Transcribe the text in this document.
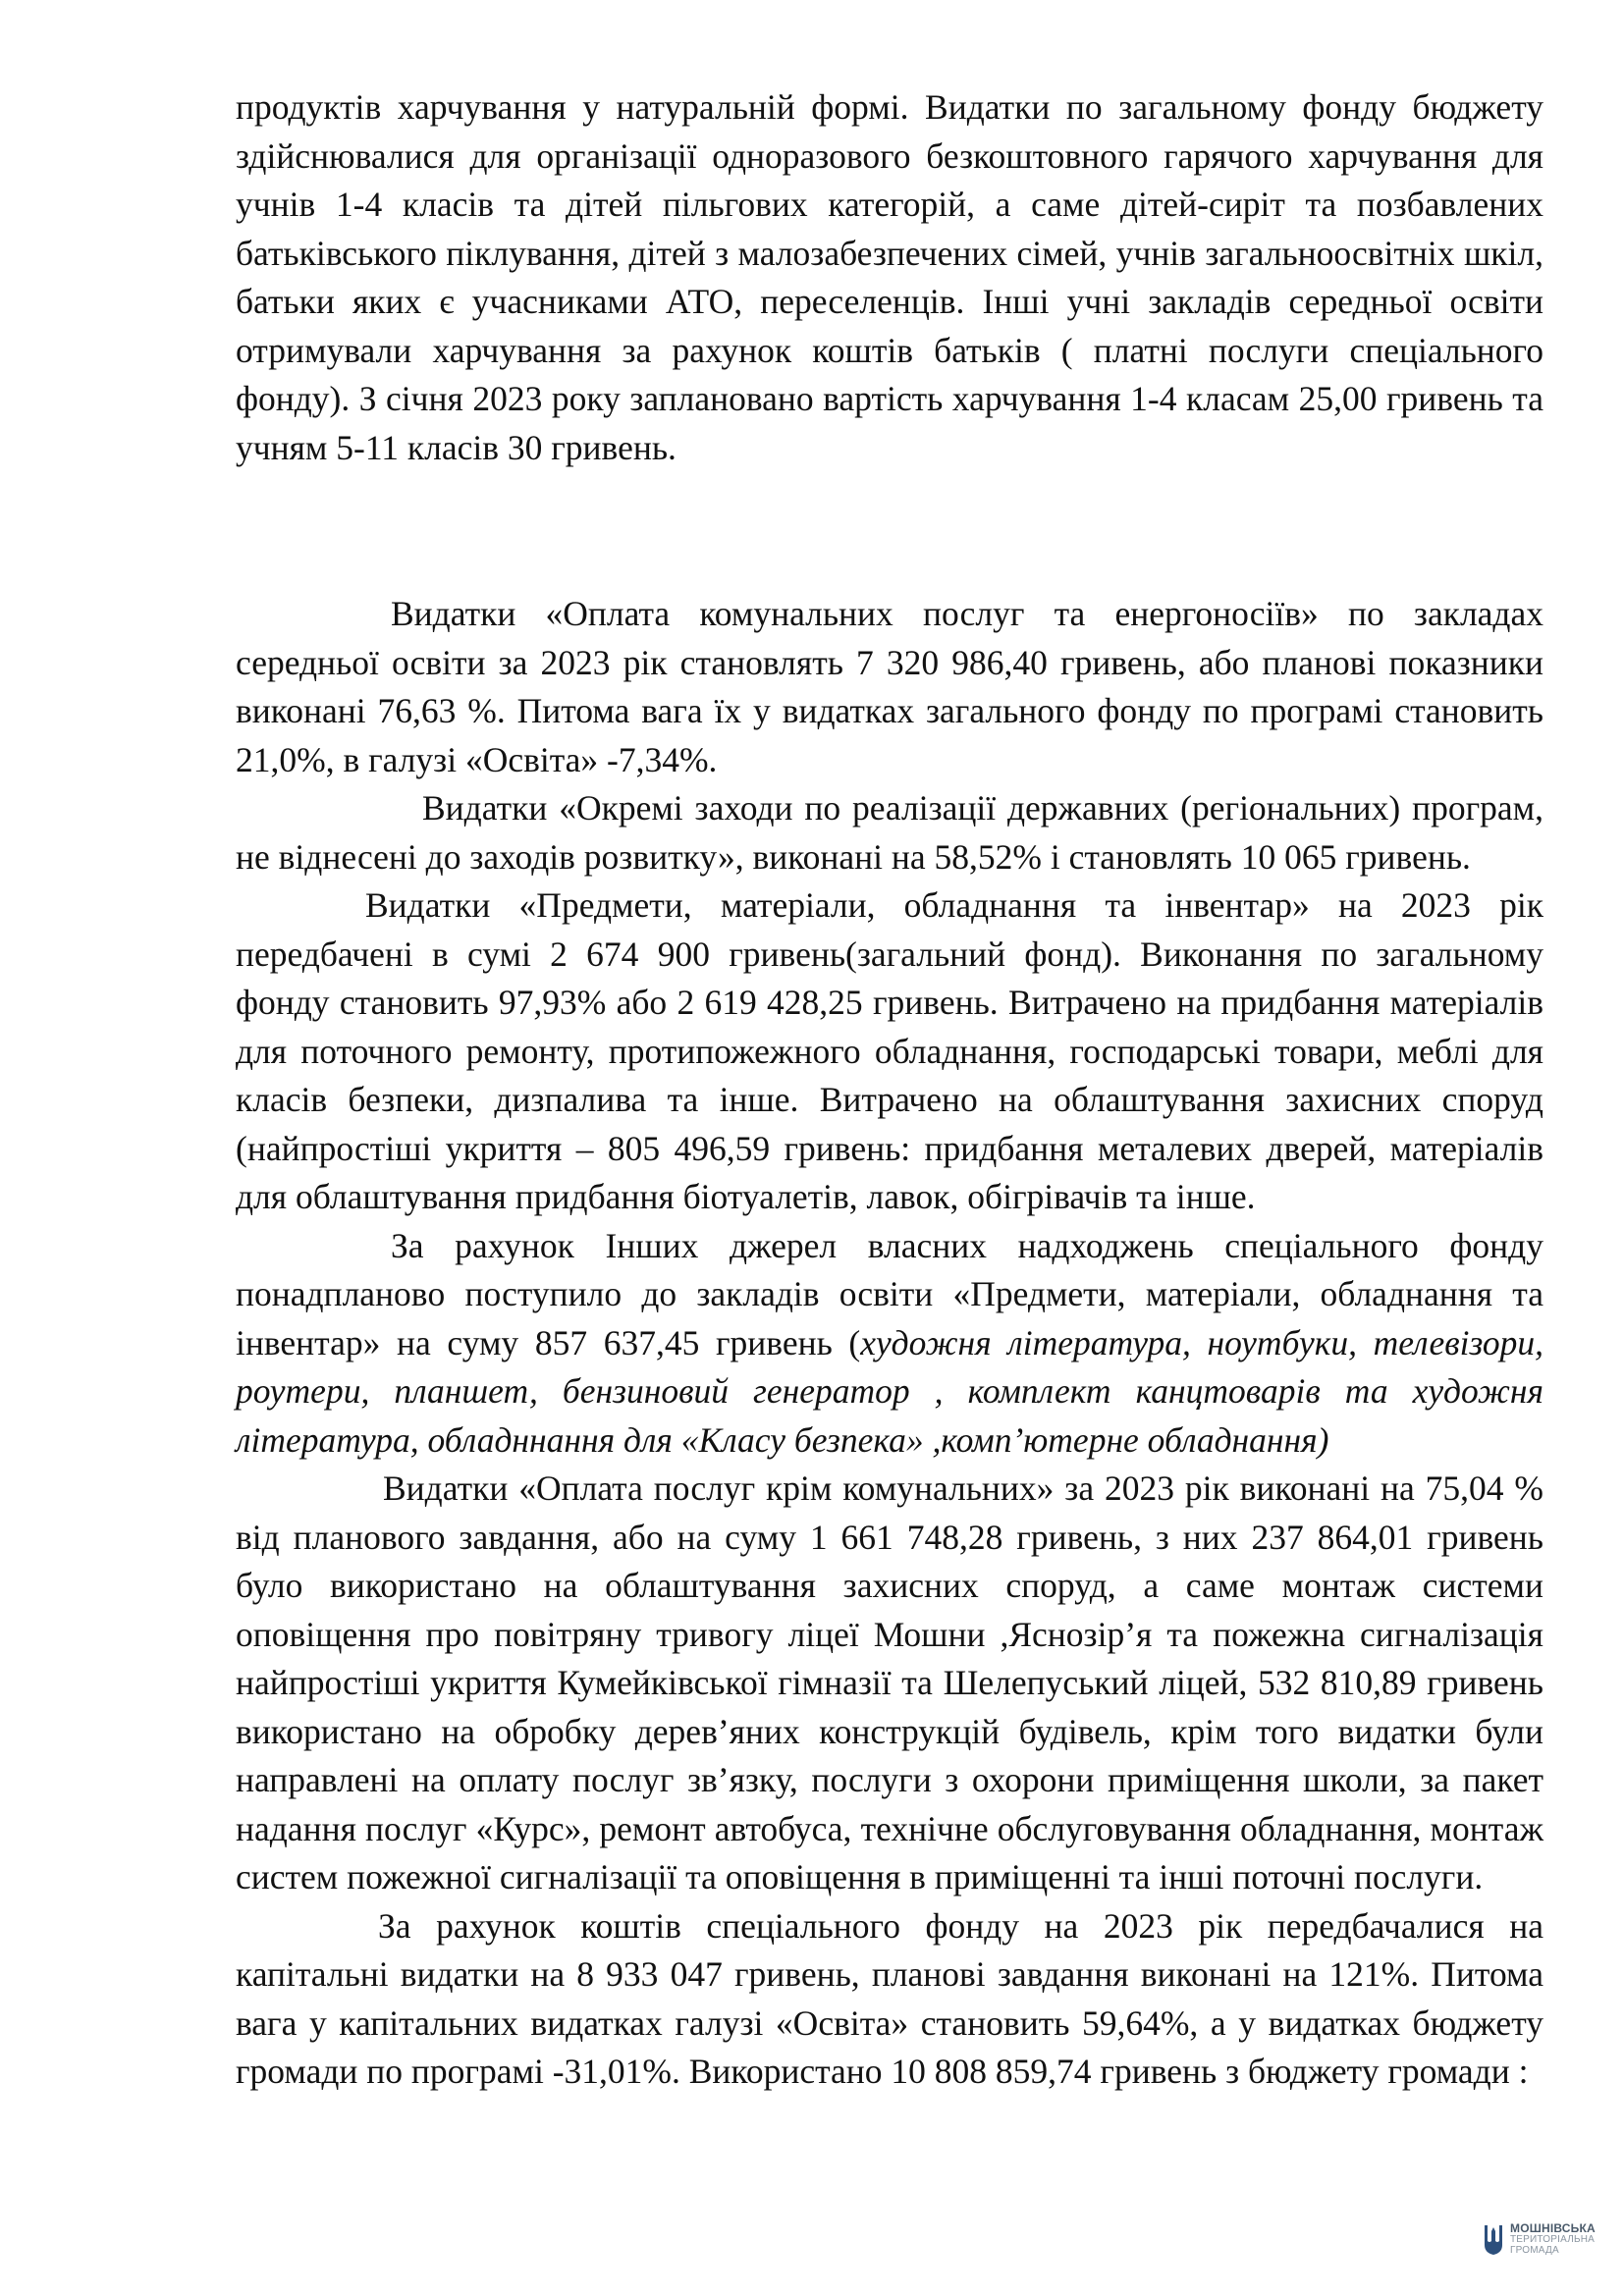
продуктів харчування у натуральній формі. Видатки по загальному фонду бюджету здійснювалися для організації одноразового безкоштовного гарячого харчування для учнів 1-4 класів та дітей пільгових категорій, а саме дітей-сиріт та позбавлених батьківського піклування, дітей з малозабезпечених сімей, учнів загальноосвітніх шкіл, батьки яких є учасниками АТО, переселенців. Інші учні закладів середньої освіти отримували харчування за рахунок коштів батьків ( платні послуги спеціального фонду). З січня 2023 року заплановано вартість харчування 1-4 класам 25,00 гривень та учням 5-11 класів 30 гривень.

Видатки «Оплата комунальних послуг та енергоносіїв» по закладах середньої освіти за 2023 рік становлять 7 320 986,40 гривень, або планові показники виконані 76,63 %. Питома вага їх у видатках загального фонду по програмі становить 21,0%, в галузі «Освіта» -7,34%.

Видатки «Окремі заходи по реалізації державних (регіональних) програм, не віднесені до заходів розвитку», виконані на 58,52% і становлять 10 065 гривень.

Видатки «Предмети, матеріали, обладнання та інвентар» на 2023 рік передбачені в сумі 2 674 900 гривень(загальний фонд). Виконання по загальному фонду становить 97,93% або 2 619 428,25 гривень. Витрачено на придбання матеріалів для поточного ремонту, протипожежного обладнання, господарські товари, меблі для класів безпеки, дизпалива та інше. Витрачено на облаштування захисних споруд (найпростіші укриття – 805 496,59 гривень: придбання металевих дверей, матеріалів для облаштування придбання біотуалетів, лавок, обігрівачів та інше.

За рахунок Інших джерел власних надходжень спеціального фонду понадплановo поступило до закладів освіти «Предмети, матеріали, обладнання та інвентар» на суму 857 637,45 гривень (художня література, ноутбуки, телевізори, роутери, планшет, бензиновий генератор , комплект канцтоварів та художня література, обладннання для «Класу безпека» ,комп’ютерне обладнання)

Видатки «Оплата послуг крім комунальних» за 2023 рік виконані на 75,04 % від планового завдання, або на суму 1 661 748,28 гривень, з них 237 864,01 гривень було використано на облаштування захисних споруд, а саме монтаж системи оповіщення про повітряну тривогу ліцеї Мошни ,Яснозір’я та пожежна сигналізація найпростіші укриття Кумейківської гімназії та Шелепуський ліцей, 532 810,89 гривень використано на обробку дерев’яних конструкцій будівель, крім того видатки були направлені на оплату послуг зв’язку, послуги з охорони приміщення школи, за пакет надання послуг «Курс», ремонт автобуса, технічне обслуговування обладнання, монтаж систем пожежної сигналізації та оповіщення в приміщенні та інші поточні послуги.

За рахунок коштів спеціального фонду на 2023 рік передбачалися на капітальні видатки на 8 933 047 гривень, планові завдання виконані на 121%. Питома вага у капітальних видатках галузі «Освіта» становить 59,64%, а у видатках бюджету громади по програмі -31,01%. Використано 10 808 859,74 гривень з бюджету громади :

МОШНІВСЬКА
ТЕРИТОРІАЛЬНА
ГРОМАДА
